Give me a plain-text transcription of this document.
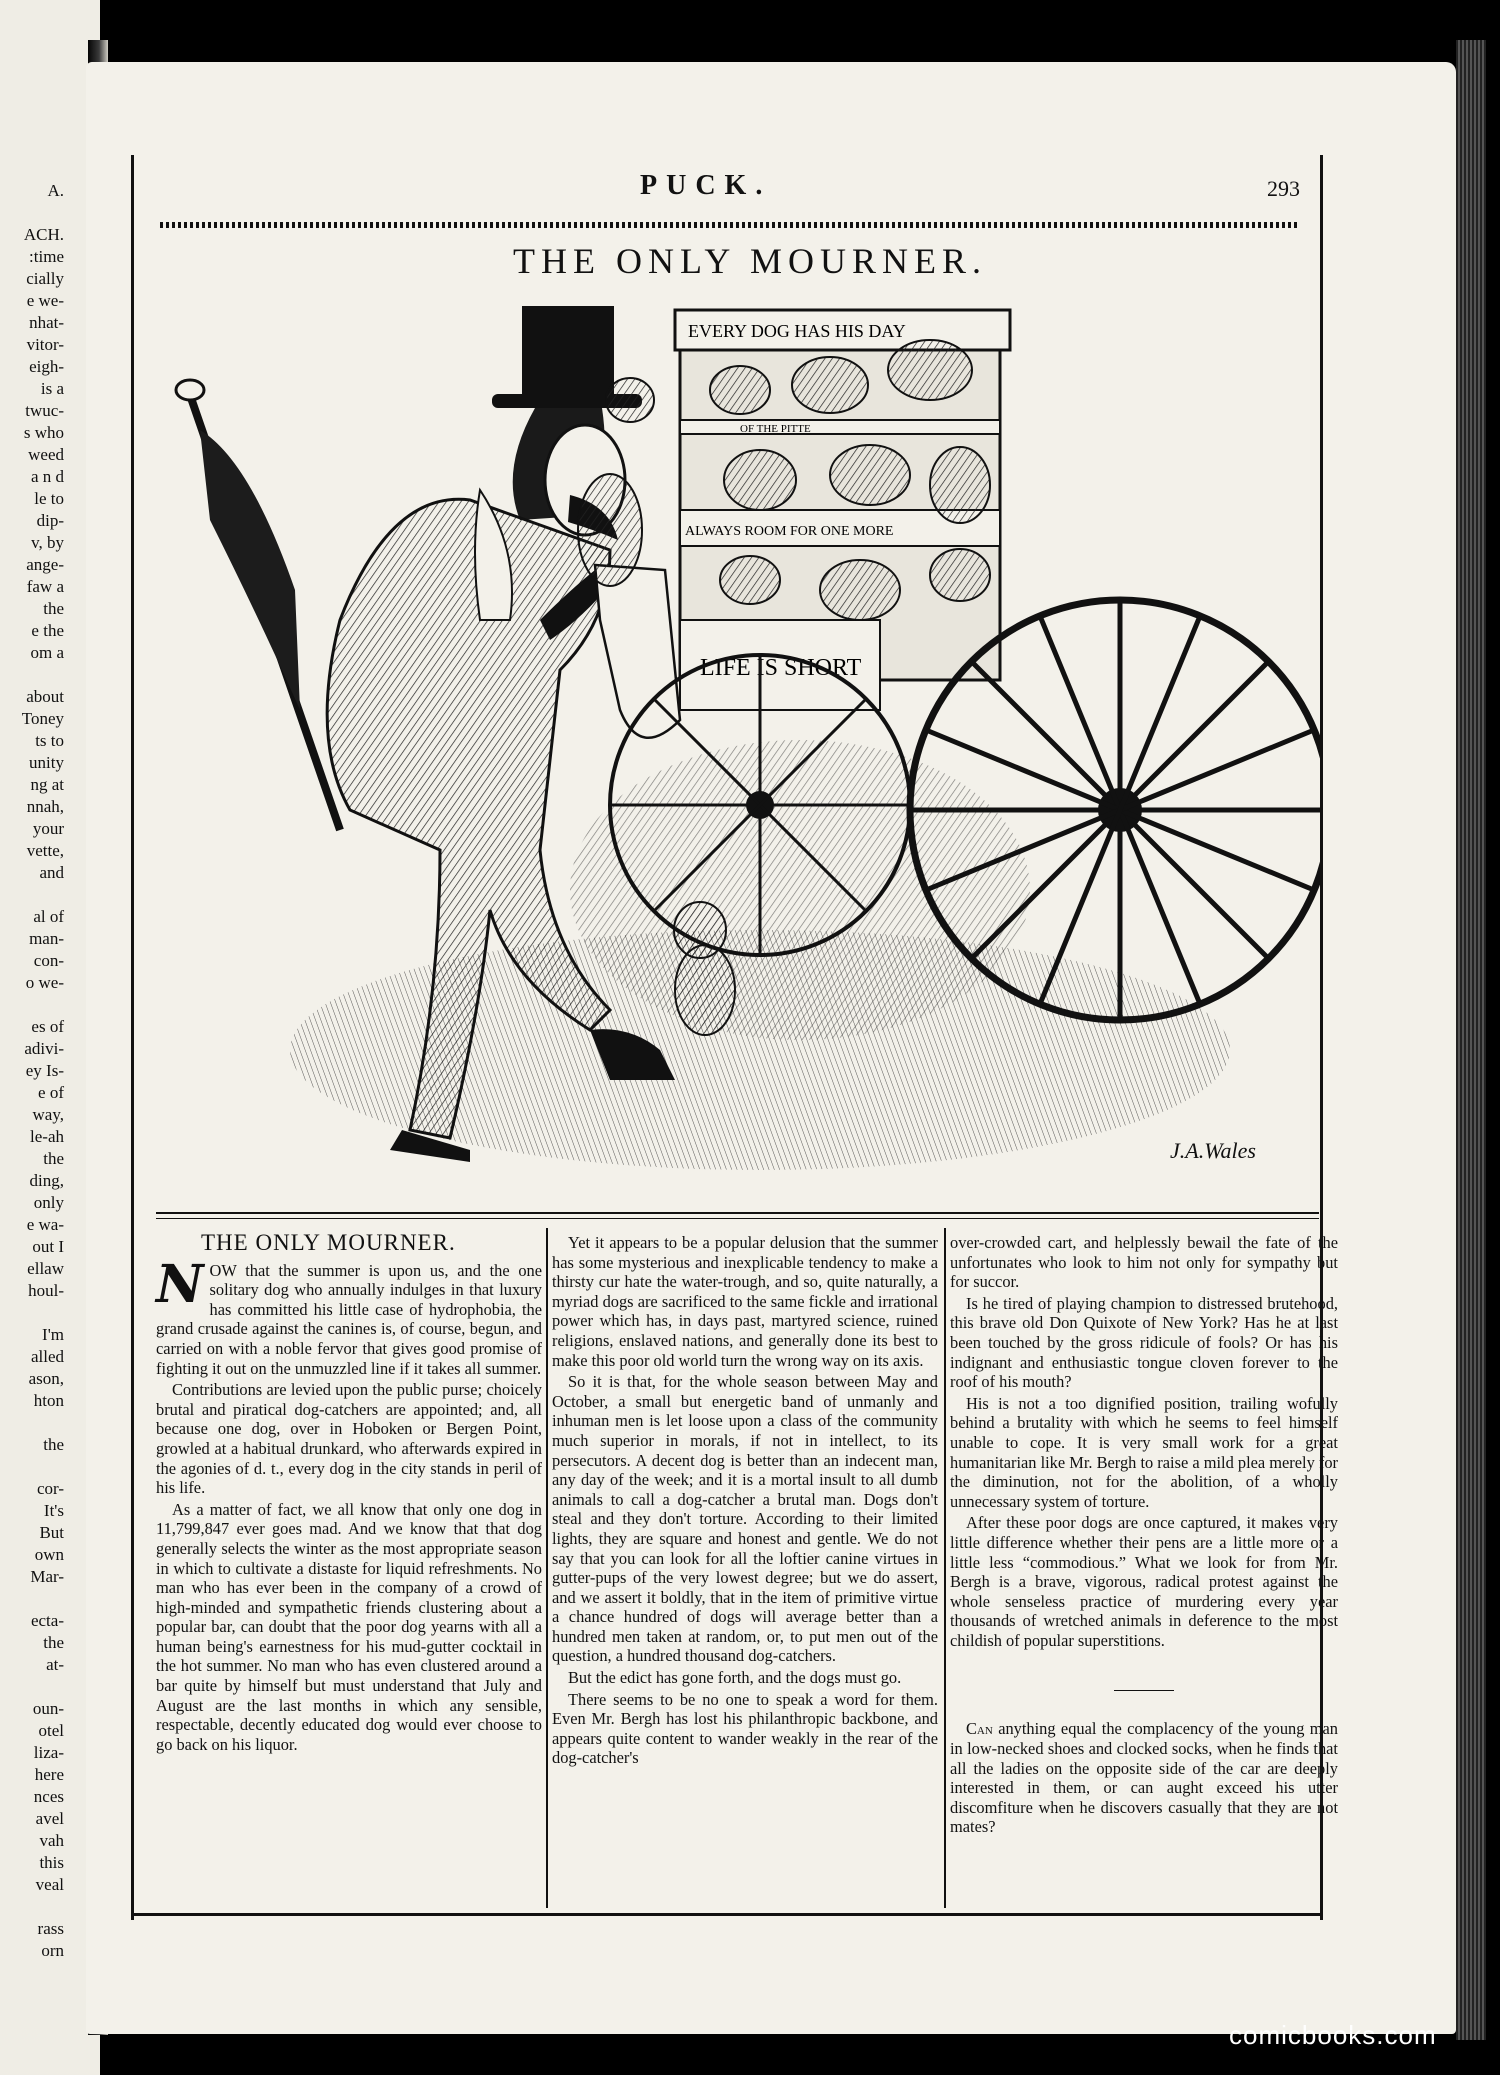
A.

ACH.
:time
cially
e we-
nhat-
vitor-
eigh-
is a
twuc-
s who
weed
a n d
le to
dip-
v, by
ange-
faw a
the
e the
om a

about
Toney
ts to
unity
ng at
nnah,
your
vette,
and

al of
man-
con-
o we-

es of
adivi-
ey Is-
e of
way,
le-ah
the
ding,
only
e wa-
out I
ellaw
houl-

I'm
alled
ason,
hton

the

cor-
It's
But
own
Mar-

ecta-
the
at-

oun-
otel
liza-
here
nces
avel
vah
this
veal

rass
orn
PUCK.	293
THE ONLY MOURNER.
EVERY DOG HAS HIS DAY
OF THE PITTE
ALWAYS ROOM FOR ONE MORE
LIFE IS SHORT
J.A.Wales
THE ONLY MOURNER.

NOW that the summer is upon us, and the one solitary dog who annually indulges in that luxury has committed his little case of hydrophobia, the grand crusade against the canines is, of course, begun, and carried on with a noble fervor that gives good promise of fighting it out on the unmuzzled line if it takes all summer.

Contributions are levied upon the public purse; choicely brutal and piratical dog-catchers are appointed; and, all because one dog, over in Hoboken or Bergen Point, growled at a habitual drunkard, who afterwards expired in the agonies of d. t., every dog in the city stands in peril of his life.

As a matter of fact, we all know that only one dog in 11,799,847 ever goes mad. And we know that that dog generally selects the winter as the most appropriate season in which to cultivate a distaste for liquid refreshments. No man who has ever been in the company of a crowd of high-minded and sympathetic friends clustering about a popular bar, can doubt that the poor dog yearns with all a human being's earnestness for his mud-gutter cocktail in the hot summer. No man who has even clustered around a bar quite by himself but must understand that July and August are the last months in which any sensible, respectable, decently educated dog would ever choose to go back on his liquor.

Yet it appears to be a popular delusion that the summer has some mysterious and inexplicable tendency to make a thirsty cur hate the water-trough, and so, quite naturally, a myriad dogs are sacrificed to the same fickle and irrational power which has, in days past, martyred science, ruined religions, enslaved nations, and generally done its best to make this poor old world turn the wrong way on its axis.

So it is that, for the whole season between May and October, a small but energetic band of unmanly and inhuman men is let loose upon a class of the community much superior in morals, if not in intellect, to its persecutors. A decent dog is better than an indecent man, any day of the week; and it is a mortal insult to all dumb animals to call a dog-catcher a brutal man. Dogs don't steal and they don't torture. According to their limited lights, they are square and honest and gentle. We do not say that you can look for all the loftier canine virtues in gutter-pups of the very lowest degree; but we do assert, and we assert it boldly, that in the item of primitive virtue a chance hundred of dogs will average better than a hundred men taken at random, or, to put men out of the question, a hundred thousand dog-catchers.

But the edict has gone forth, and the dogs must go.

There seems to be no one to speak a word for them. Even Mr. Bergh has lost his philanthropic backbone, and appears quite content to wander weakly in the rear of the dog-catcher's

over-crowded cart, and helplessly bewail the fate of the unfortunates who look to him not only for sympathy but for succor.

Is he tired of playing champion to distressed brutehood, this brave old Don Quixote of New York? Has he at last been touched by the gross ridicule of fools? Or has his indignant and enthusiastic tongue cloven forever to the roof of his mouth?

His is not a too dignified position, trailing wofully behind a brutality with which he seems to feel himself unable to cope. It is very small work for a great humanitarian like Mr. Bergh to raise a mild plea merely for the diminution, not for the abolition, of a wholly unnecessary system of torture.

After these poor dogs are once captured, it makes very little difference whether their pens are a little more or a little less “commodious.” What we look for from Mr. Bergh is a brave, vigorous, radical protest against the whole senseless practice of murdering every year thousands of wretched animals in deference to the most childish of popular superstitions.

Can anything equal the complacency of the young man in low-necked shoes and clocked socks, when he finds that all the ladies on the opposite side of the car are deeply interested in them, or can aught exceed his utter discomfiture when he discovers casually that they are not mates?

comicbooks.com
